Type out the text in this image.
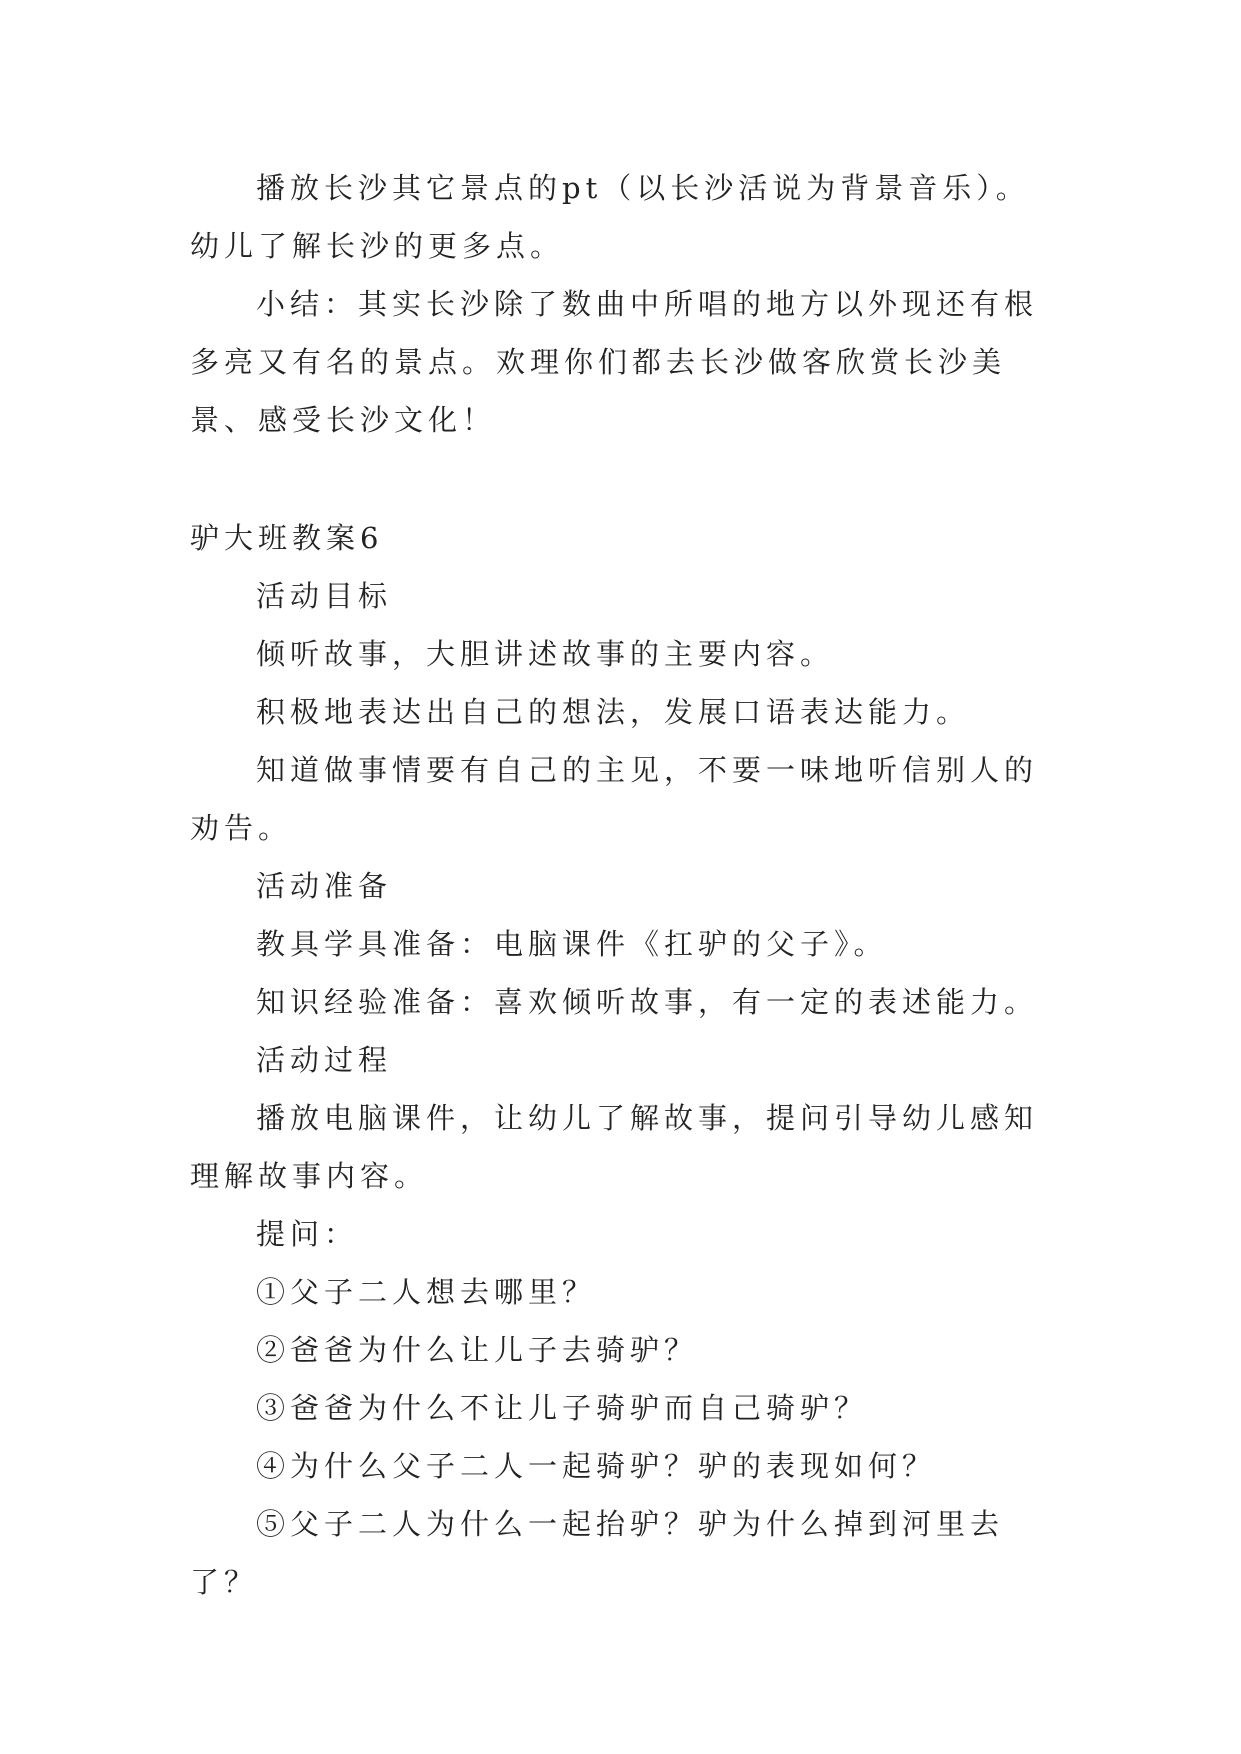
播放长沙其它景点的pt（以长沙活说为背景音乐）。幼儿了解长沙的更多点。

小结：其实长沙除了数曲中所唱的地方以外现还有根多亮又有名的景点。欢理你们都去长沙做客欣赏长沙美景、感受长沙文化！

驴大班教案6

活动目标

倾听故事，大胆讲述故事的主要内容。

积极地表达出自己的想法，发展口语表达能力。

知道做事情要有自己的主见，不要一味地听信别人的劝告。

活动准备

教具学具准备：电脑课件《扛驴的父子》。

知识经验准备：喜欢倾听故事，有一定的表述能力。

活动过程

播放电脑课件，让幼儿了解故事，提问引导幼儿感知理解故事内容。

提问：

①父子二人想去哪里？

②爸爸为什么让儿子去骑驴？

③爸爸为什么不让儿子骑驴而自己骑驴？

④为什么父子二人一起骑驴？驴的表现如何？

⑤父子二人为什么一起抬驴？驴为什么掉到河里去了？
